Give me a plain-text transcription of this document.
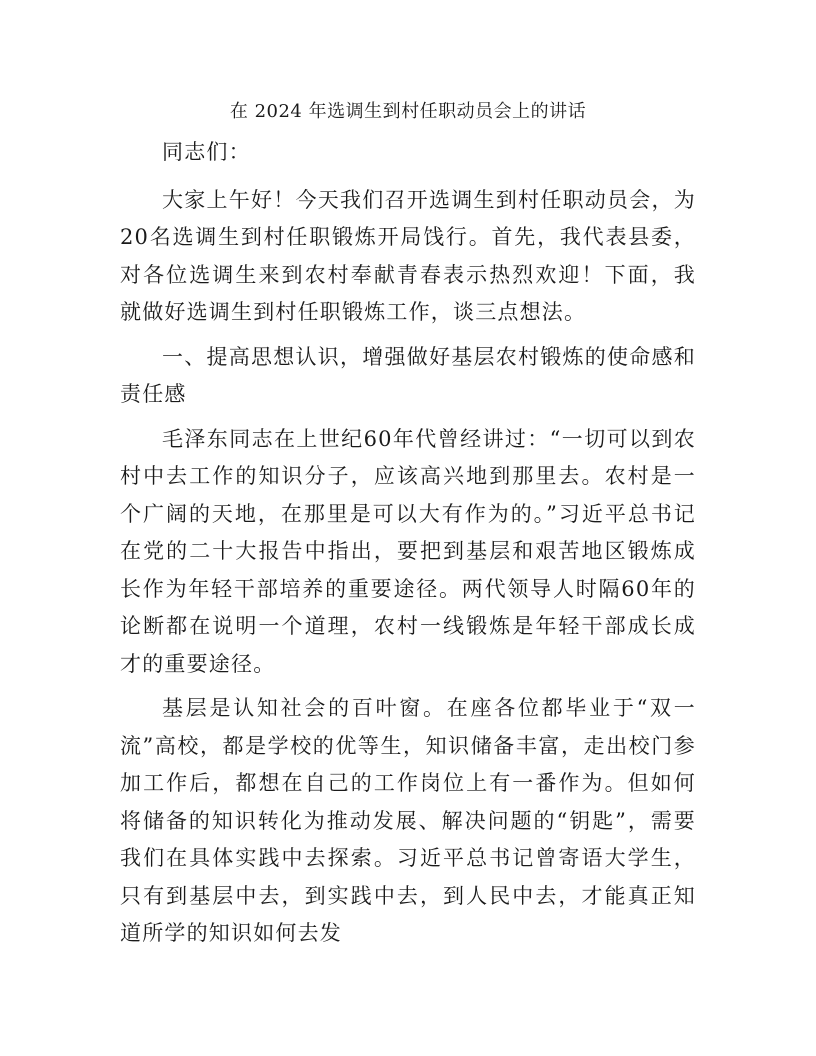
在 2024 年选调生到村任职动员会上的讲话

同志们：

大家上午好！今天我们召开选调生到村任职动员会，为 20名选调生到村任职锻炼开局饯行。首先，我代表县委，对各位选调生来到农村奉献青春表示热烈欢迎！下面，我就做好选调生到村任职锻炼工作，谈三点想法。

一、提高思想认识，增强做好基层农村锻炼的使命感和责任感

毛泽东同志在上世纪60年代曾经讲过：“一切可以到农村中去工作的知识分子，应该高兴地到那里去。农村是一个广阔的天地，在那里是可以大有作为的。”习近平总书记在党的二十大报告中指出，要把到基层和艰苦地区锻炼成长作为年轻干部培养的重要途径。两代领导人时隔60年的论断都在说明一个道理，农村一线锻炼是年轻干部成长成才的重要途径。

基层是认知社会的百叶窗。在座各位都毕业于“双一流”高校，都是学校的优等生，知识储备丰富，走出校门参加工作后，都想在自己的工作岗位上有一番作为。但如何将储备的知识转化为推动发展、解决问题的“钥匙”，需要我们在具体实践中去探索。习近平总书记曾寄语大学生，只有到基层中去，到实践中去，到人民中去，才能真正知道所学的知识如何去发
